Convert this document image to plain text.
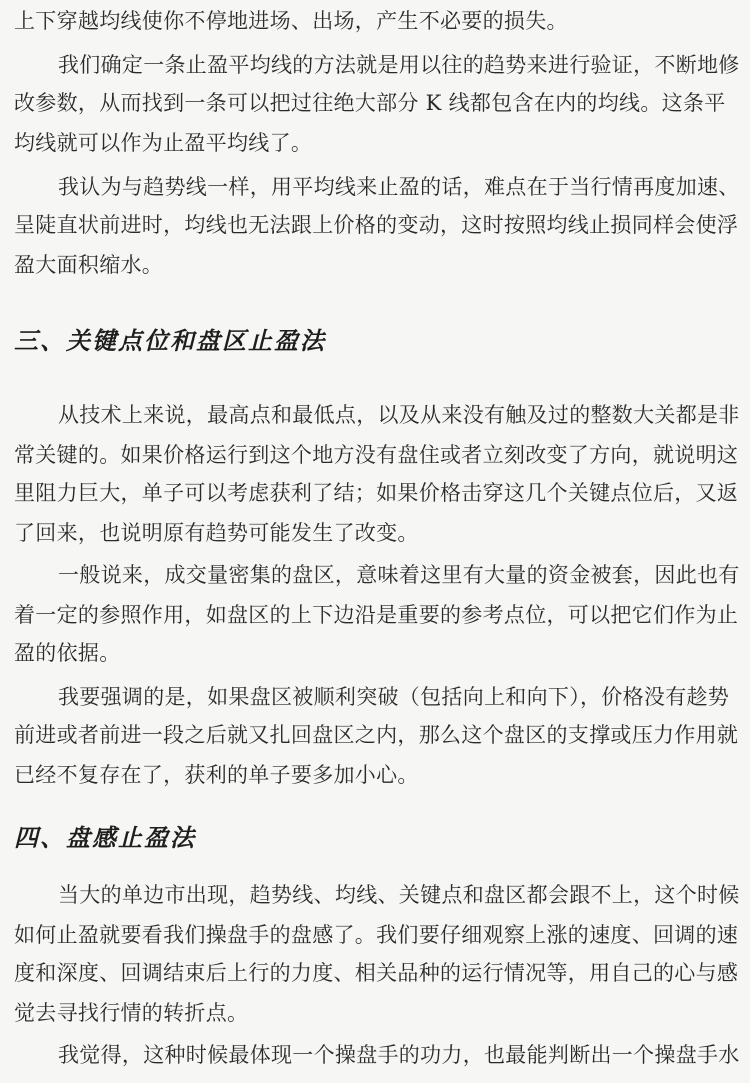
上下穿越均线使你不停地进场、出场，产生不必要的损失。
我们确定一条止盈平均线的方法就是用以往的趋势来进行验证，不断地修
改参数，从而找到一条可以把过往绝大部分 K 线都包含在内的均线。这条平
均线就可以作为止盈平均线了。
我认为与趋势线一样，用平均线来止盈的话，难点在于当行情再度加速、
呈陡直状前进时，均线也无法跟上价格的变动，这时按照均线止损同样会使浮
盈大面积缩水。
三、关键点位和盘区止盈法
从技术上来说，最高点和最低点，以及从来没有触及过的整数大关都是非
常关键的。如果价格运行到这个地方没有盘住或者立刻改变了方向，就说明这
里阻力巨大，单子可以考虑获利了结；如果价格击穿这几个关键点位后，又返
了回来，也说明原有趋势可能发生了改变。
一般说来，成交量密集的盘区，意味着这里有大量的资金被套，因此也有
着一定的参照作用，如盘区的上下边沿是重要的参考点位，可以把它们作为止
盈的依据。
我要强调的是，如果盘区被顺利突破（包括向上和向下），价格没有趁势
前进或者前进一段之后就又扎回盘区之内，那么这个盘区的支撑或压力作用就
已经不复存在了，获利的单子要多加小心。
四、盘感止盈法
当大的单边市出现，趋势线、均线、关键点和盘区都会跟不上，这个时候
如何止盈就要看我们操盘手的盘感了。我们要仔细观察上涨的速度、回调的速
度和深度、回调结束后上行的力度、相关品种的运行情况等，用自己的心与感
觉去寻找行情的转折点。
我觉得，这种时候最体现一个操盘手的功力，也最能判断出一个操盘手水
